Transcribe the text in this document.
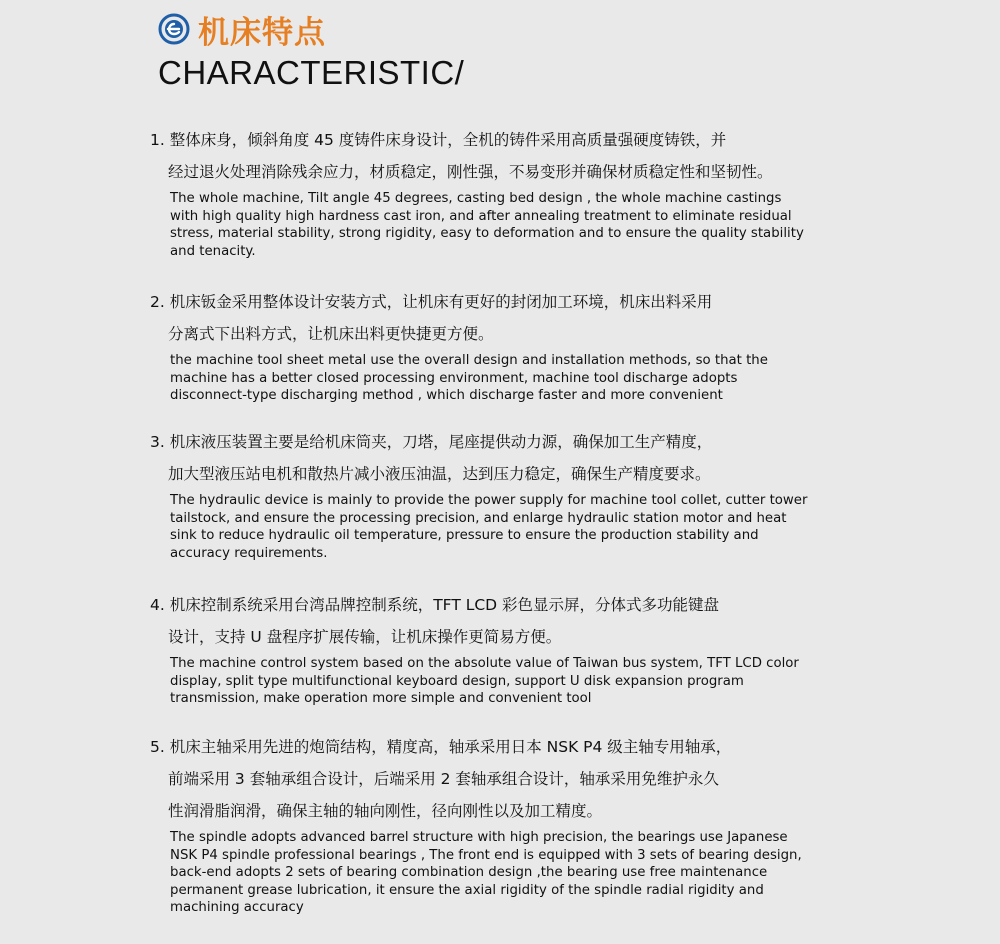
机床特点
CHARACTERISTIC/
1. 整体床身，倾斜角度 45 度铸件床身设计，全机的铸件采用高质量强硬度铸铁，并
经过退火处理消除残余应力，材质稳定，刚性强，不易变形并确保材质稳定性和坚韧性。
The whole machine, Tilt angle 45 degrees, casting bed design , the whole machine castings with high quality high hardness cast iron, and after annealing treatment to eliminate residual stress, material stability, strong rigidity, easy to deformation and to ensure the quality stability and tenacity.
2. 机床钣金采用整体设计安装方式，让机床有更好的封闭加工环境，机床出料采用
分离式下出料方式，让机床出料更快捷更方便。
the machine tool sheet metal use the overall design and installation methods, so that the machine has a better closed processing environment, machine tool discharge adopts disconnect-type discharging method , which discharge faster and more convenient
3. 机床液压装置主要是给机床筒夹，刀塔，尾座提供动力源，确保加工生产精度，
加大型液压站电机和散热片减小液压油温，达到压力稳定，确保生产精度要求。
The hydraulic device is mainly to provide the power supply for machine tool collet, cutter tower tailstock, and ensure the processing precision, and enlarge hydraulic station motor and heat sink to reduce hydraulic oil temperature, pressure to ensure the production stability and accuracy requirements.
4. 机床控制系统采用台湾品牌控制系统，TFT LCD 彩色显示屏，分体式多功能键盘
设计，支持 U 盘程序扩展传输，让机床操作更简易方便。
The machine control system based on the absolute value of Taiwan bus system, TFT LCD color display, split type multifunctional keyboard design, support U disk expansion program transmission, make operation more simple and convenient tool
5. 机床主轴采用先进的炮筒结构，精度高，轴承采用日本 NSK P4 级主轴专用轴承，
前端采用 3 套轴承组合设计，后端采用 2 套轴承组合设计，轴承采用免维护永久
性润滑脂润滑，确保主轴的轴向刚性，径向刚性以及加工精度。
The spindle adopts advanced barrel structure with high precision, the bearings use Japanese NSK P4 spindle professional bearings , The front end is equipped with 3 sets of bearing design, back-end adopts 2 sets of bearing combination design ,the bearing use free maintenance permanent grease lubrication, it ensure the axial rigidity of the spindle radial rigidity and machining accuracy
